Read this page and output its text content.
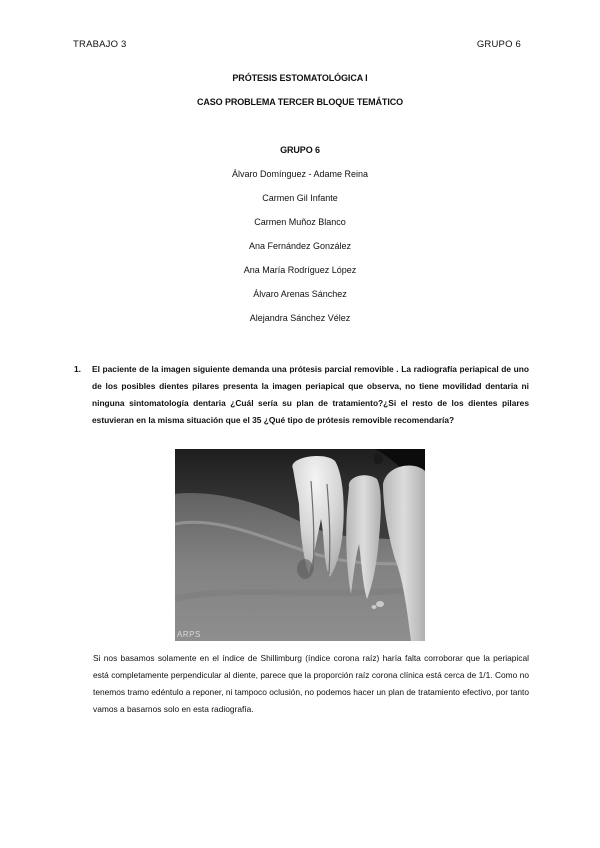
TRABAJO 3	GRUPO 6
PRÓTESIS ESTOMATOLÓGICA I
CASO PROBLEMA TERCER BLOQUE TEMÁTICO
GRUPO 6
Álvaro Domínguez - Adame Reina
Carmen Gil Infante
Carmen Muñoz Blanco
Ana Fernández González
Ana María Rodríguez López
Álvaro Arenas Sánchez
Alejandra Sánchez Vélez
1. El paciente de la imagen siguiente demanda una prótesis parcial removible . La radiografía periapical de uno de los posibles dientes pilares presenta la imagen periapical que observa, no tiene movilidad dentaria ni ninguna sintomatología dentaria ¿Cuál sería su plan de tratamiento?¿Si el resto de los dientes pilares estuvieran en la misma situación que el 35 ¿Qué tipo de prótesis removible recomendaría?
ARPS
Si nos basamos solamente en el índice de Shillimburg (índice corona raíz) haría falta corroborar que la periapical está completamente perpendicular al diente, parece que la proporción raíz corona clínica está cerca de 1/1. Como no tenemos tramo edéntulo a reponer, ni tampoco oclusión, no podemos hacer un plan de tratamiento efectivo, por tanto vamos a basarnos solo en esta radiografía.
